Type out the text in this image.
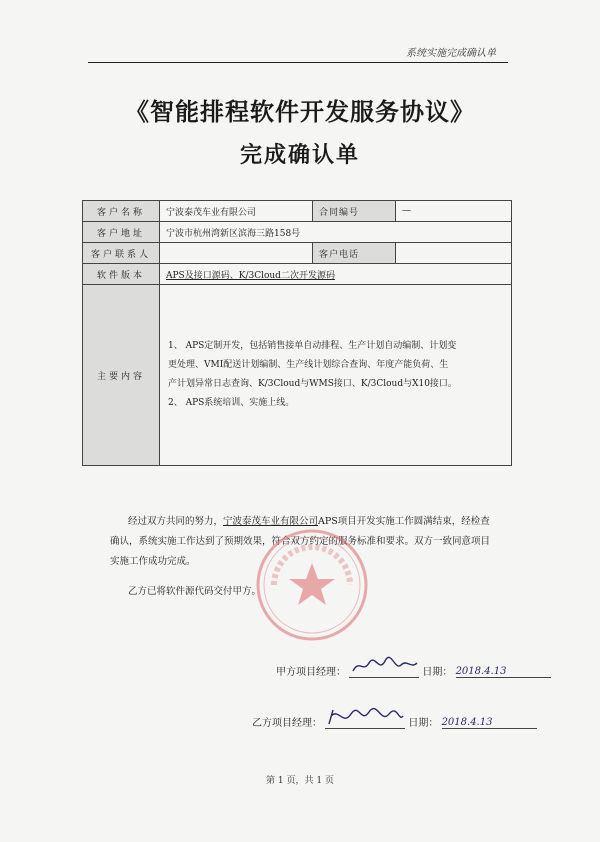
系统实施完成确认单
《智能排程软件开发服务协议》
完成确认单
客户名称	宁波泰茂车业有限公司	合同编号	—
客户地址	宁波市杭州湾新区滨海三路158号		
客户联系人		客户电话	
软件版本	APS及接口源码、K/3Cloud二次开发源码		
主要内容	1、 APS定制开发，包括销售接单自动排程、生产计划自动编制、计划变

更处理、VMI配送计划编制、生产线计划综合查询、年度产能负荷、生

产计划异常日志查询、K/3Cloud与WMS接口、K/3Cloud与X10接口。

2、 APS系统培训、实施上线。		

经过双方共同的努力，宁波泰茂车业有限公司APS项目开发实施工作圆满结束，经检查
确认，系统实施工作达到了预期效果，符合双方约定的服务标准和要求。双方一致同意项目
实施工作成功完成。
乙方已将软件源代码交付甲方。
甲方项目经理：	日期： 2018.4.13
乙方项目经理：	日期： 2018.4.13
第 1 页，共 1 页
